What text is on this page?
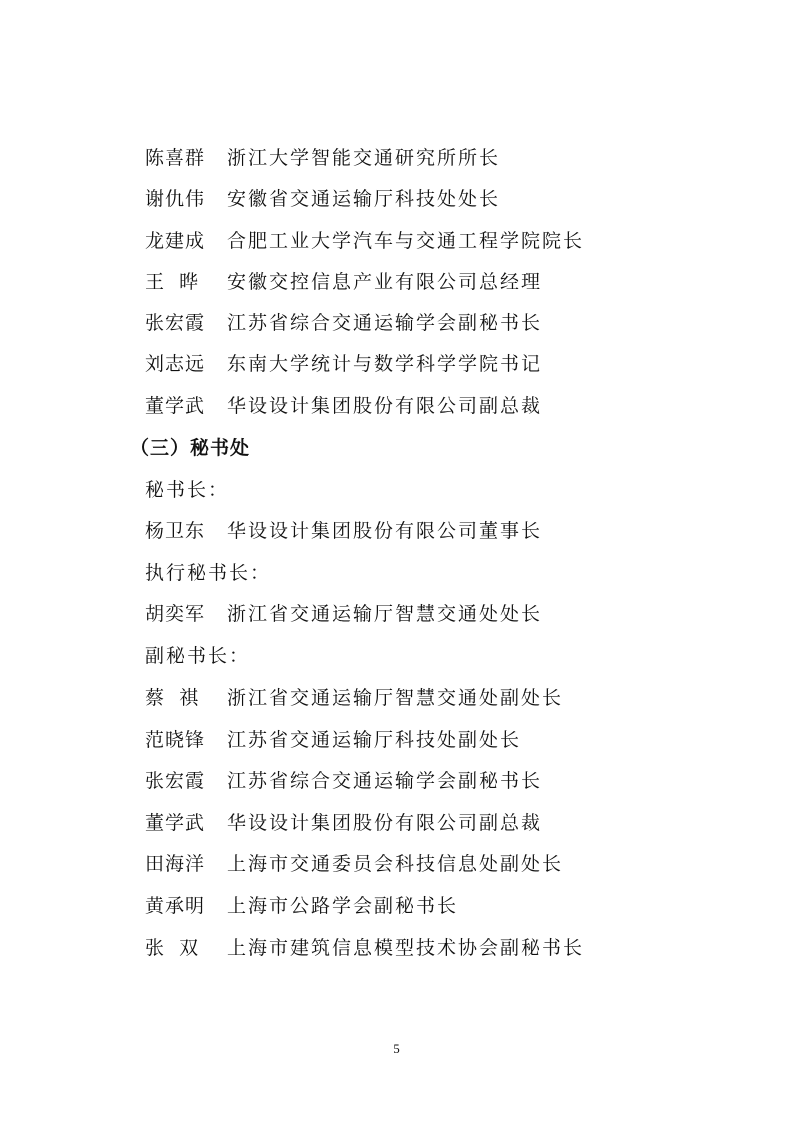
陈喜群 浙江大学智能交通研究所所长
谢仇伟 安徽省交通运输厅科技处处长
龙建成 合肥工业大学汽车与交通工程学院院长
王  晔 安徽交控信息产业有限公司总经理
张宏霞 江苏省综合交通运输学会副秘书长
刘志远 东南大学统计与数学科学学院书记
董学武 华设设计集团股份有限公司副总裁
（三）秘书处
秘书长：
杨卫东 华设设计集团股份有限公司董事长
执行秘书长：
胡奕军 浙江省交通运输厅智慧交通处处长
副秘书长：
蔡  祺 浙江省交通运输厅智慧交通处副处长
范晓锋 江苏省交通运输厅科技处副处长
张宏霞 江苏省综合交通运输学会副秘书长
董学武 华设设计集团股份有限公司副总裁
田海洋 上海市交通委员会科技信息处副处长
黄承明 上海市公路学会副秘书长
张  双 上海市建筑信息模型技术协会副秘书长
5
